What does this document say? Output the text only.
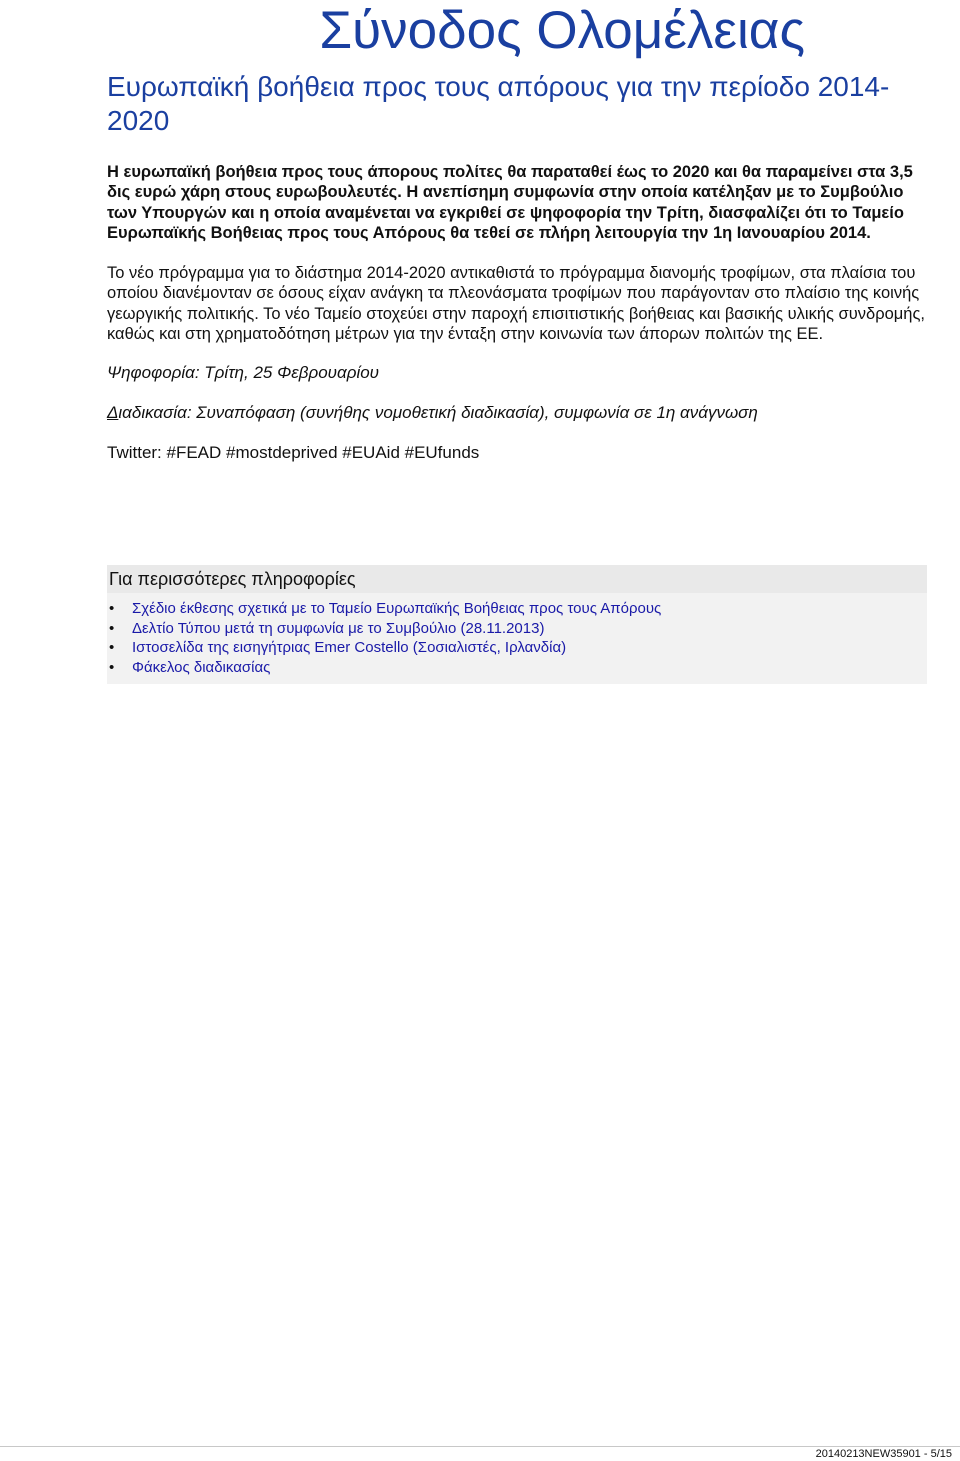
Σύνοδος Ολομέλειας
Ευρωπαϊκή βοήθεια προς τους απόρους για την περίοδο 2014-2020

Η ευρωπαϊκή βοήθεια προς τους άπορους πολίτες θα παραταθεί έως το 2020 και θα παραμείνει στα 3,5 δις ευρώ χάρη στους ευρωβουλευτές. Η ανεπίσημη συμφωνία στην οποία κατέληξαν με το Συμβούλιο των Υπουργών και η οποία αναμένεται να εγκριθεί σε ψηφοφορία την Τρίτη, διασφαλίζει ότι το Ταμείο Ευρωπαϊκής Βοήθειας προς τους Απόρους θα τεθεί σε πλήρη λειτουργία την 1η Ιανουαρίου 2014.

Το νέο πρόγραμμα για το διάστημα 2014-2020 αντικαθιστά το πρόγραμμα διανομής τροφίμων, στα πλαίσια του οποίου διανέμονταν σε όσους είχαν ανάγκη τα πλεονάσματα τροφίμων που παράγονταν στο πλαίσιο της κοινής γεωργικής πολιτικής. Το νέο Ταμείο στοχεύει στην παροχή επισιτιστικής βοήθειας και βασικής υλικής συνδρομής, καθώς και στη χρηματοδότηση μέτρων για την ένταξη στην κοινωνία των άπορων πολιτών της ΕΕ.

Ψηφοφορία: Τρίτη, 25 Φεβρουαρίου

Διαδικασία: Συναπόφαση (συνήθης νομοθετική διαδικασία), συμφωνία σε 1η ανάγνωση

Twitter: #FEAD #mostdeprived #EUAid #EUfunds

Για περισσότερες πληροφορίες
• Σχέδιο έκθεσης σχετικά με το Ταμείο Ευρωπαϊκής Βοήθειας προς τους Απόρους
• Δελτίο Τύπου μετά τη συμφωνία με το Συμβούλιο (28.11.2013)
• Ιστοσελίδα της εισηγήτριας Emer Costello (Σοσιαλιστές, Ιρλανδία)
• Φάκελος διαδικασίας
20140213NEW35901 - 5/15
